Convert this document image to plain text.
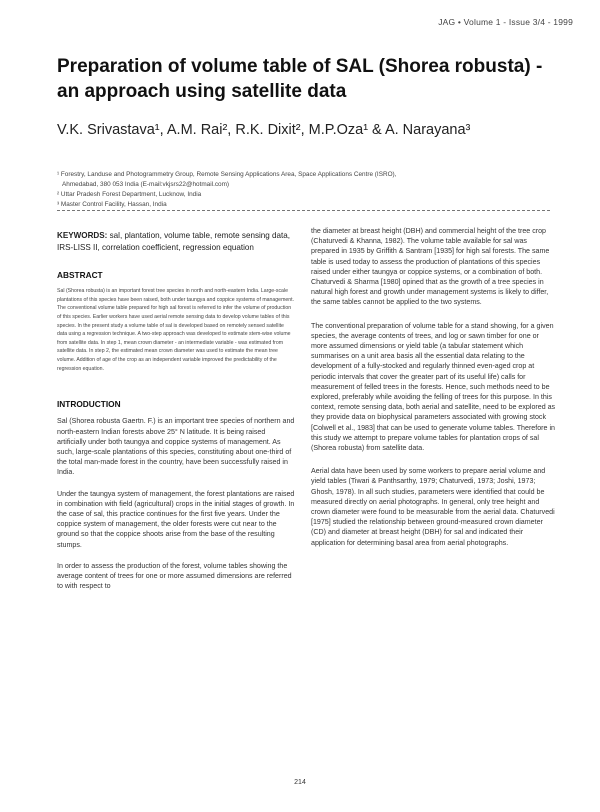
JAG • Volume 1 - Issue 3/4 - 1999
Preparation of volume table of SAL (Shorea robusta) - an approach using satellite data
V.K. Srivastava¹, A.M. Rai², R.K. Dixit², M.P.Oza¹ & A. Narayana³
¹ Forestry, Landuse and Photogrammetry Group, Remote Sensing Applications Area, Space Applications Centre (ISRO),
Ahmedabad, 380 053 India (E-mail:vkjsrs22@hotmail.com)
² Uttar Pradesh Forest Department, Lucknow, India
³ Master Control Facility, Hassan, India
KEYWORDS: sal, plantation, volume table, remote sensing data, IRS-LISS II, correlation coefficient, regression equation
ABSTRACT

Sal (Shorea robusta) is an important forest tree species in north and north-eastern India. Large-scale plantations of this species have been raised, both under taungya and coppice systems of management. The conventional volume table prepared for high sal forest is referred to infer the volume of production of this species. Earlier workers have used aerial remote sensing data to develop volume tables of this species. In the present study a volume table of sal is developed based on remotely sensed satellite data using a regression technique. A two-step approach was developed to estimate stem-wise volume from satellite data. In step 1, mean crown diameter - an intermediate variable - was estimated from satellite data. In step 2, the estimated mean crown diameter was used to estimate the mean tree volume. Addition of age of the crop as an independent variable improved the predictability of the regression equation.

INTRODUCTION

Sal (Shorea robusta Gaertn. F.) is an important tree species of northern and north-eastern Indian forests above 25° N latitude. It is being raised artificially under both taungya and coppice systems of management. As such, large-scale plantations of this species, constituting about one-third of the total man-made forest in the country, have been successfully raised in India.

Under the taungya system of management, the forest plantations are raised in combination with field (agricultural) crops in the initial stages of growth. In the case of sal, this practice continues for the first five years. Under the coppice system of management, the older forests were cut near to the ground so that the coppice shoots arise from the base of the resulting stumps.

In order to assess the production of the forest, volume tables showing the average content of trees for one or more assumed dimensions are referred to with respect to

the diameter at breast height (DBH) and commercial height of the tree crop (Chaturvedi & Khanna, 1982). The volume table available for sal was prepared in 1935 by Griffith & Santram [1935] for high sal forests. The same table is used today to assess the production of plantations of this species raised under either taungya or coppice systems, or a combination of both. Chaturvedi & Sharma [1980] opined that as the growth of a tree species in natural high forest and growth under management systems is likely to differ, the same tables cannot be applied to the two systems.

The conventional preparation of volume table for a stand showing, for a given species, the average contents of trees, and log or sawn timber for one or more assumed dimensions or yield table (a tabular statement which summarises on a unit area basis all the essential data relating to the development of a fully-stocked and regularly thinned even-aged crop at periodic intervals that cover the greater part of its useful life) calls for measurement of felled trees in the forests. Hence, such methods need to be explored, preferably while avoiding the felling of trees for this purpose. In this context, remote sensing data, both aerial and satellite, need to be explored as they provide data on biophysical parameters associated with growing stock [Colwell et al., 1983] that can be used to generate volume tables. Therefore in this study we attempt to prepare volume tables for plantation crops of sal (Shorea robusta) from satellite data.

Aerial data have been used by some workers to prepare aerial volume and yield tables (Tiwari & Panthsarthy, 1979; Chaturvedi, 1973; Joshi, 1973; Ghosh, 1978). In all such studies, parameters were identified that could be measured directly on aerial photographs. In general, only tree height and crown diameter were found to be measurable from the aerial data. Chaturvedi [1975] studied the relationship between ground-measured crown diameter (CD) and diameter at breast height (DBH) for sal and indicated their application for determining basal area from aerial photographs.

214
